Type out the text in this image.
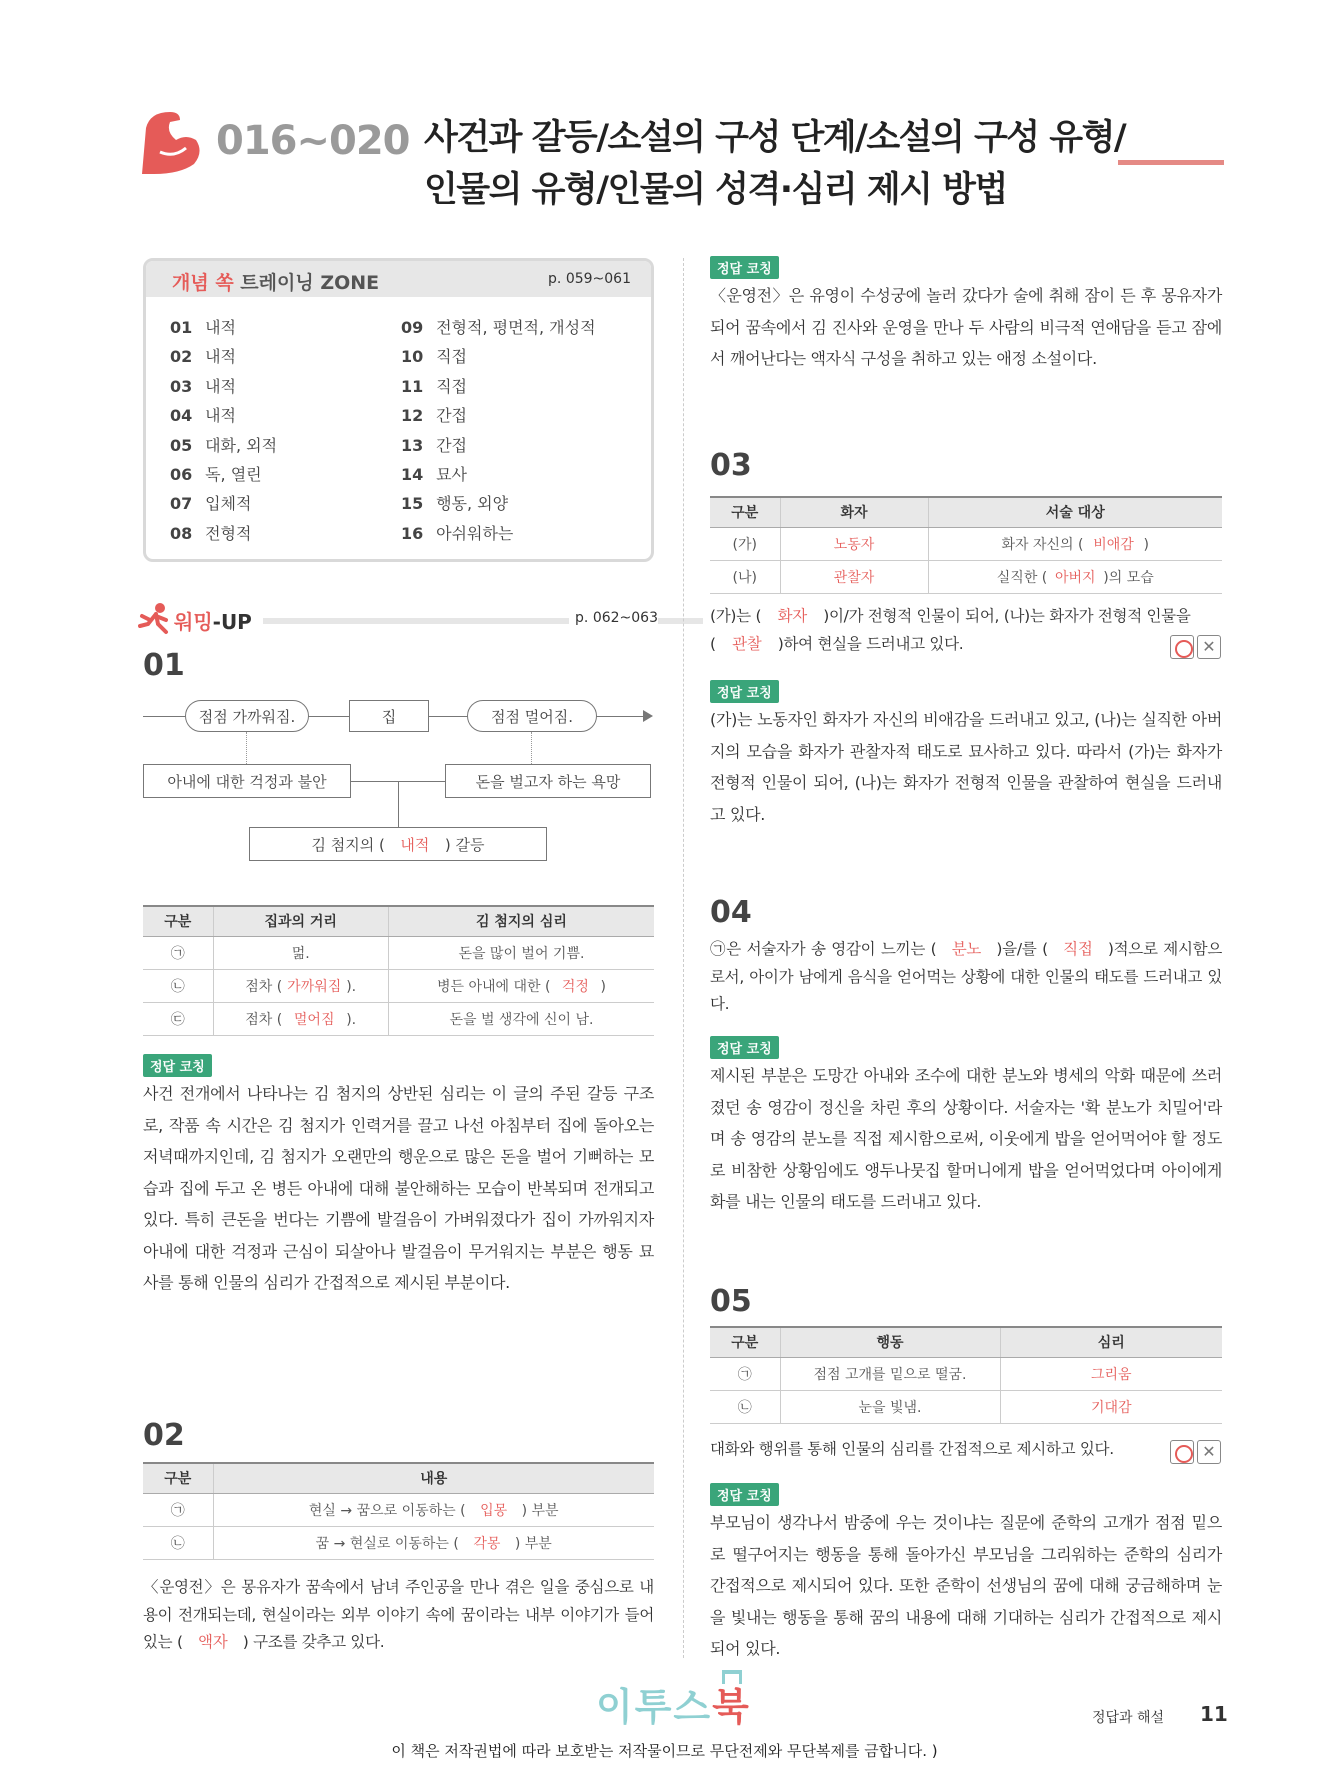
016~020 사건과 갈등/소설의 구성 단계/소설의 구성 유형/
인물의 유형/인물의 성격·심리 제시 방법
개념 쏙 트레이닝 ZONE	p. 059~061
01 내적
02 내적
03 내적
04 내적
05 대화, 외적
06 독, 열린
07 입체적
08 전형적
09 전형적, 평면적, 개성적
10 직접
11 직접
12 간접
13 간접
14 묘사
15 행동, 외양
16 아쉬워하는
워밍-UP	p. 062~063
01
점점 가까워짐.	집	점점 멀어짐.
아내에 대한 걱정과 불안	돈을 벌고자 하는 욕망
김 첨지의 (	내적	) 갈등
구분	집과의 거리	김 첨지의 심리
㉠	멂.	돈을 많이 벌어 기쁨.
㉡	점차 ( 가까워짐 ).	병든 아내에 대한 ( 걱정 )
㉢	점차 ( 멀어짐 ).	돈을 벌 생각에 신이 남.
정답 코칭
사건 전개에서 나타나는 김 첨지의 상반된 심리는 이 글의 주된 갈등 구조로, 작품 속 시간은 김 첨지가 인력거를 끌고 나선 아침부터 집에 돌아오는 저녁때까지인데, 김 첨지가 오랜만의 행운으로 많은 돈을 벌어 기뻐하는 모습과 집에 두고 온 병든 아내에 대해 불안해하는 모습이 반복되며 전개되고 있다. 특히 큰돈을 번다는 기쁨에 발걸음이 가벼워졌다가 집이 가까워지자 아내에 대한 걱정과 근심이 되살아나 발걸음이 무거워지는 부분은 행동 묘사를 통해 인물의 심리가 간접적으로 제시된 부분이다.
02
구분	내용
㉠	현실 → 꿈으로 이동하는 ( 입몽 ) 부분
㉡	꿈 → 현실로 이동하는 ( 각몽 ) 부분
〈운영전〉은 몽유자가 꿈속에서 남녀 주인공을 만나 겪은 일을 중심으로 내용이 전개되는데, 현실이라는 외부 이야기 속에 꿈이라는 내부 이야기가 들어 있는 ( 액자 ) 구조를 갖추고 있다.
정답 코칭
〈운영전〉은 유영이 수성궁에 놀러 갔다가 술에 취해 잠이 든 후 몽유자가 되어 꿈속에서 김 진사와 운영을 만나 두 사람의 비극적 연애담을 듣고 잠에서 깨어난다는 액자식 구성을 취하고 있는 애정 소설이다.
03
구분	화자	서술 대상
(가)	노동자	화자 자신의 ( 비애감 )
(나)	관찰자	실직한 ( 아버지 )의 모습
(가)는 ( 화자 )이/가 전형적 인물이 되어, (나)는 화자가 전형적 인물을
( 관찰 )하여 현실을 드러내고 있다.	✕
정답 코칭
(가)는 노동자인 화자가 자신의 비애감을 드러내고 있고, (나)는 실직한 아버지의 모습을 화자가 관찰자적 태도로 묘사하고 있다. 따라서 (가)는 화자가 전형적 인물이 되어, (나)는 화자가 전형적 인물을 관찰하여 현실을 드러내고 있다.
04
㉠은 서술자가 송 영감이 느끼는 ( 분노 )을/를 ( 직접 )적으로 제시함으로서, 아이가 남에게 음식을 얻어먹는 상황에 대한 인물의 태도를 드러내고 있다.
정답 코칭
제시된 부분은 도망간 아내와 조수에 대한 분노와 병세의 악화 때문에 쓰러졌던 송 영감이 정신을 차린 후의 상황이다. 서술자는 '확 분노가 치밀어'라며 송 영감의 분노를 직접 제시함으로써, 이웃에게 밥을 얻어먹어야 할 정도로 비참한 상황임에도 앵두나뭇집 할머니에게 밥을 얻어먹었다며 아이에게 화를 내는 인물의 태도를 드러내고 있다.
05
구분	행동	심리
㉠	점점 고개를 밑으로 떨굼.	그리움
㉡	눈을 빛냄.	기대감
대화와 행위를 통해 인물의 심리를 간접적으로 제시하고 있다.	✕
정답 코칭
부모님이 생각나서 밤중에 우는 것이냐는 질문에 준학의 고개가 점점 밑으로 떨구어지는 행동을 통해 돌아가신 부모님을 그리워하는 준학의 심리가 간접적으로 제시되어 있다. 또한 준학이 선생님의 꿈에 대해 궁금해하며 눈을 빛내는 행동을 통해 꿈의 내용에 대해 기대하는 심리가 간접적으로 제시되어 있다.
이투스북	정답과 해설 11
이 책은 저작권법에 따라 보호받는 저작물이므로 무단전제와 무단복제를 금합니다. )
